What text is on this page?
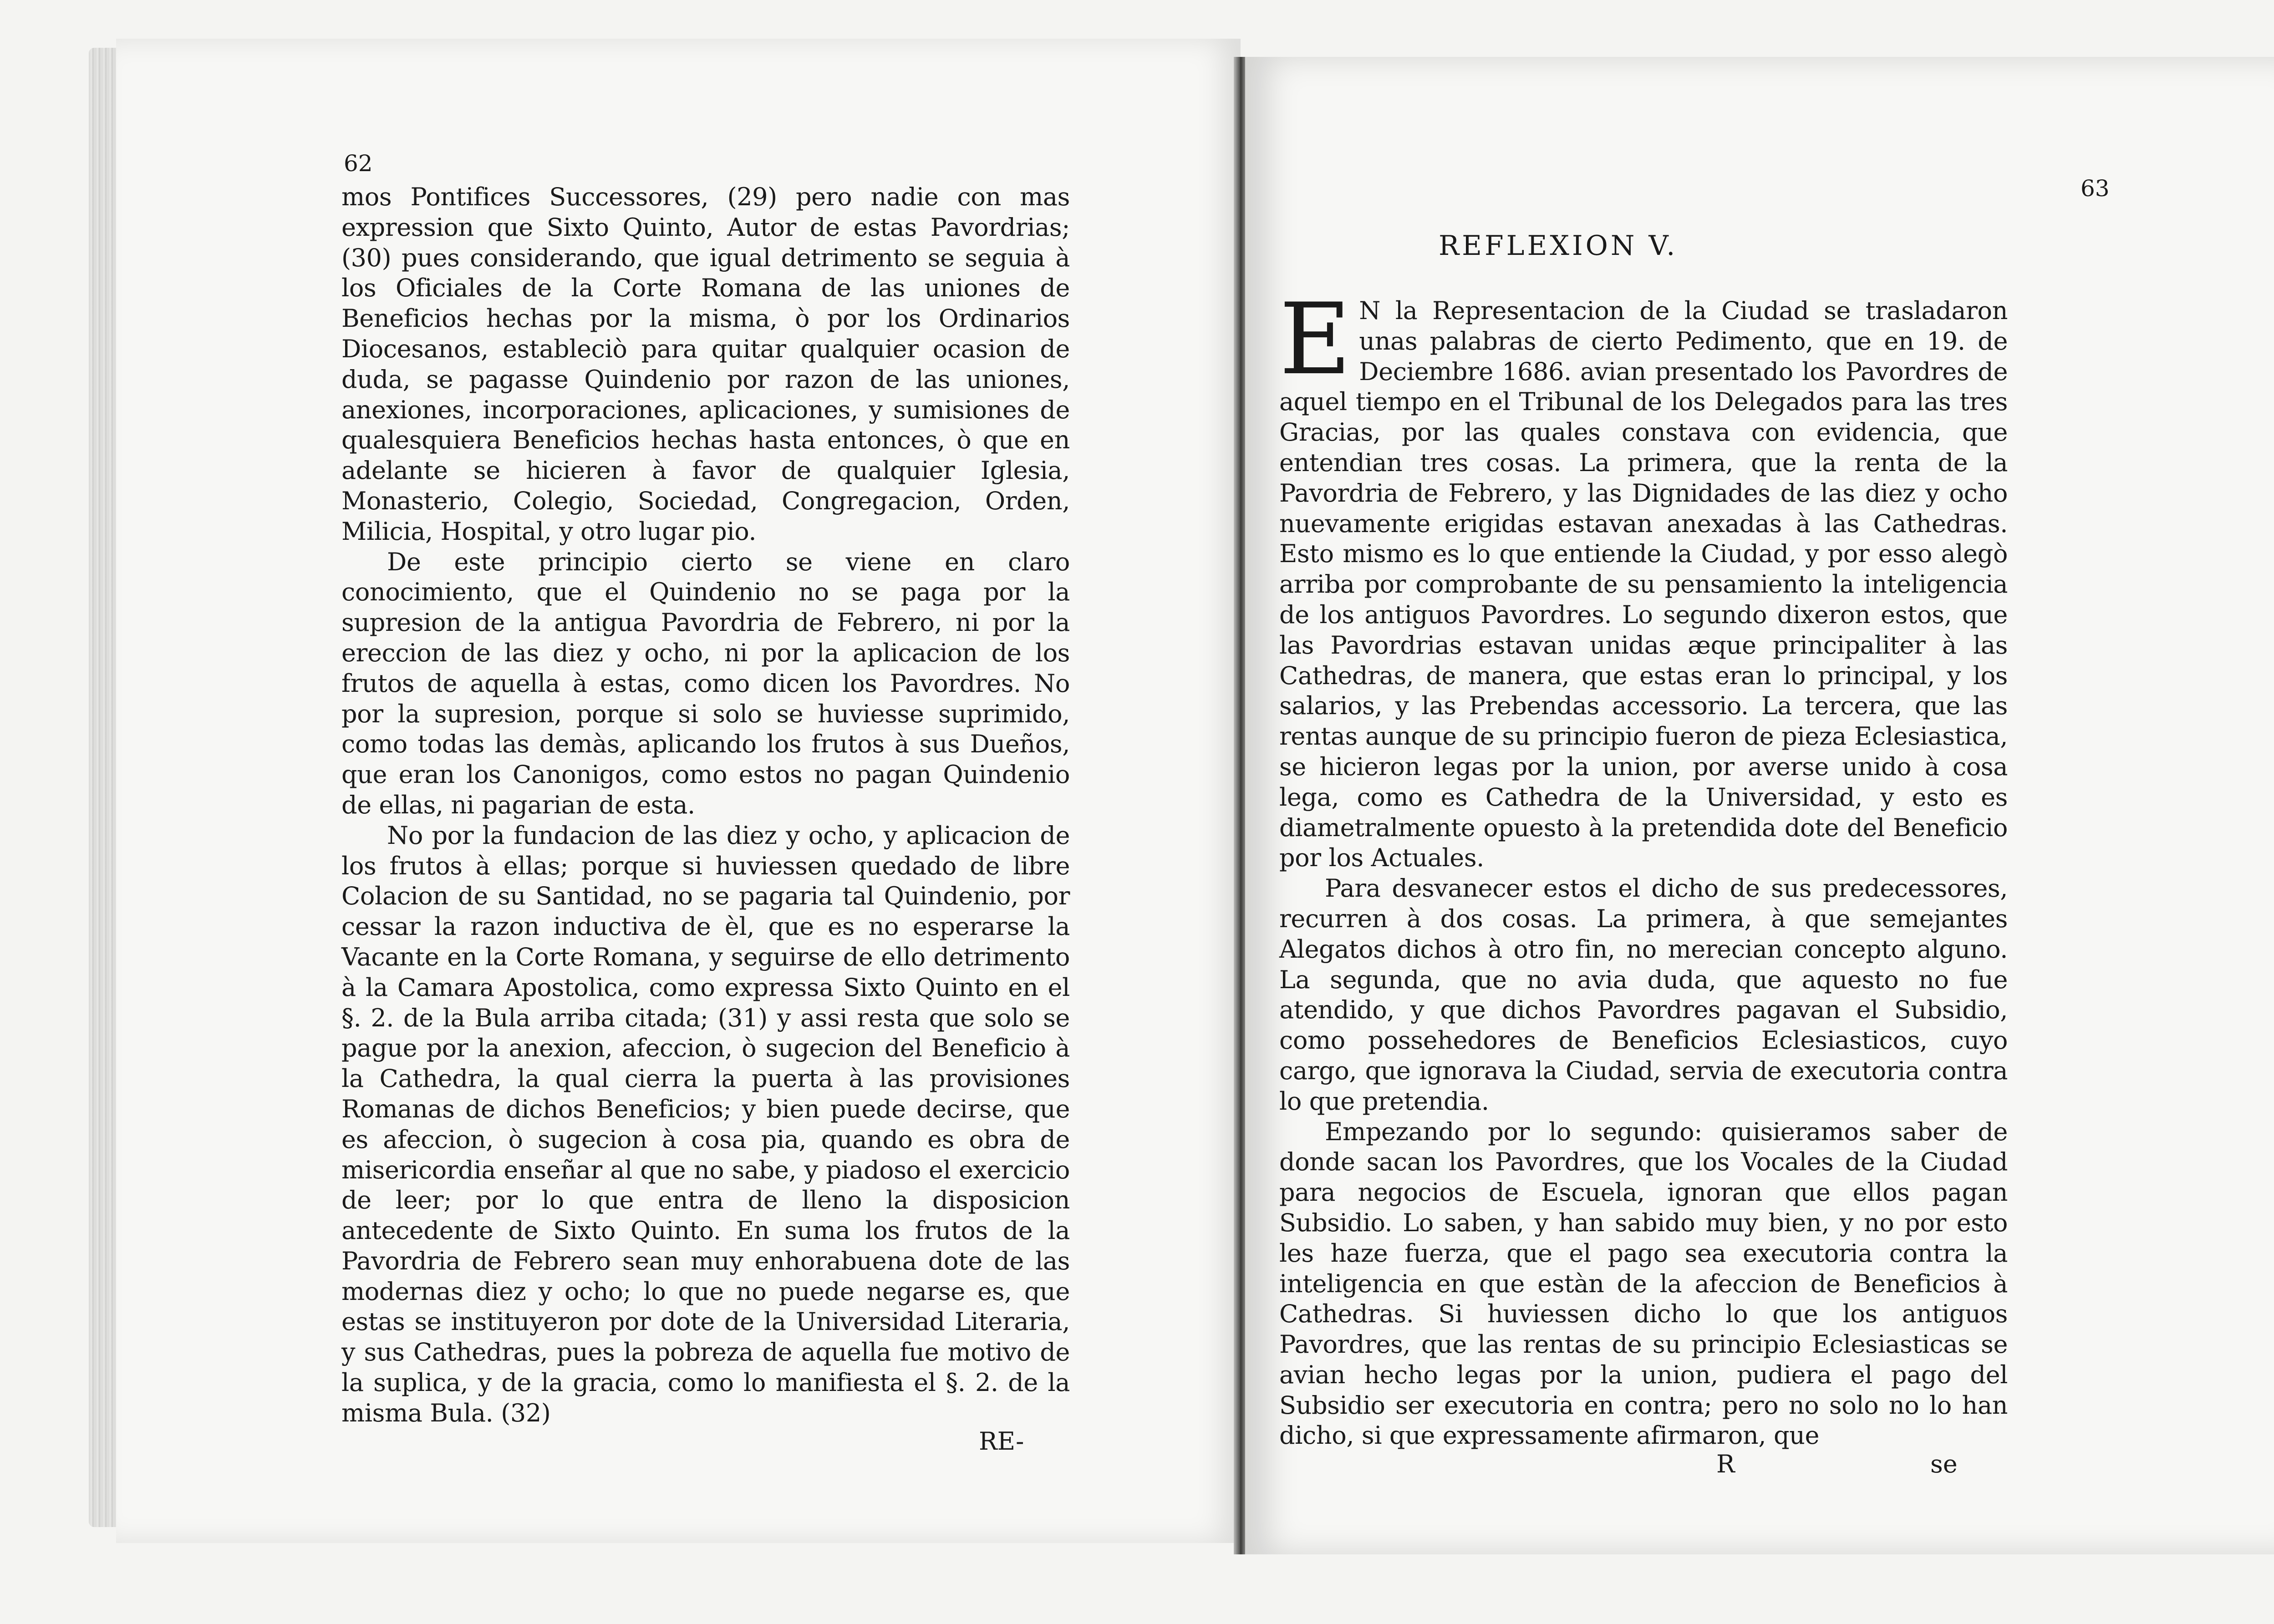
62

mos Pontifices Successores, (29) pero nadie con mas expression que Sixto Quinto, Autor de estas Pavordrias; (30) pues considerando, que igual detrimento se seguia à los Oficiales de la Corte Romana de las uniones de Beneficios hechas por la misma, ò por los Ordinarios Diocesanos, estableciò para quitar qualquier ocasion de duda, se pagasse Quindenio por razon de las uniones, anexiones, incorporaciones, aplicaciones, y sumisiones de qualesquiera Beneficios hechas hasta entonces, ò que en adelante se hicieren à favor de qualquier Iglesia, Monasterio, Colegio, Sociedad, Congregacion, Orden, Milicia, Hospital, y otro lugar pio.

De este principio cierto se viene en claro conocimiento, que el Quindenio no se paga por la supresion de la antigua Pavordria de Febrero, ni por la ereccion de las diez y ocho, ni por la aplicacion de los frutos de aquella à estas, como dicen los Pavordres. No por la supresion, porque si solo se huviesse suprimido, como todas las demàs, aplicando los frutos à sus Dueños, que eran los Canonigos, como estos no pagan Quindenio de ellas, ni pagarian de esta.

No por la fundacion de las diez y ocho, y aplicacion de los frutos à ellas; porque si huviessen quedado de libre Colacion de su Santidad, no se pagaria tal Quindenio, por cessar la razon inductiva de èl, que es no esperarse la Vacante en la Corte Romana, y seguirse de ello detrimento à la Camara Apostolica, como expressa Sixto Quinto en el §. 2. de la Bula arriba citada; (31) y assi resta que solo se pague por la anexion, afeccion, ò sugecion del Beneficio à la Cathedra, la qual cierra la puerta à las provisiones Romanas de dichos Beneficios; y bien puede decirse, que es afeccion, ò sugecion à cosa pia, quando es obra de misericordia enseñar al que no sabe, y piadoso el exercicio de leer; por lo que entra de lleno la disposicion antecedente de Sixto Quinto. En suma los frutos de la Pavordria de Febrero sean muy enhorabuena dote de las modernas diez y ocho; lo que no puede negarse es, que estas se instituyeron por dote de la Universidad Literaria, y sus Cathedras, pues la pobreza de aquella fue motivo de la suplica, y de la gracia, como lo manifiesta el §. 2. de la misma Bula. (32)

RE-
63
REFLEXION V.

E N la Representacion de la Ciudad se trasladaron unas palabras de cierto Pedimento, que en 19. de Deciembre 1686. avian presentado los Pavordres de aquel tiempo en el Tribunal de los Delegados para las tres Gracias, por las quales constava con evidencia, que entendian tres cosas. La primera, que la renta de la Pavordria de Febrero, y las Dignidades de las diez y ocho nuevamente erigidas estavan anexadas à las Cathedras. Esto mismo es lo que entiende la Ciudad, y por esso alegò arriba por comprobante de su pensamiento la inteligencia de los antiguos Pavordres. Lo segundo dixeron estos, que las Pavordrias estavan unidas æque principaliter à las Cathedras, de manera, que estas eran lo principal, y los salarios, y las Prebendas accessorio. La tercera, que las rentas aunque de su principio fueron de pieza Eclesiastica, se hicieron legas por la union, por averse unido à cosa lega, como es Cathedra de la Universidad, y esto es diametralmente opuesto à la pretendida dote del Beneficio por los Actuales.

Para desvanecer estos el dicho de sus predecessores, recurren à dos cosas. La primera, à que semejantes Alegatos dichos à otro fin, no merecian concepto alguno. La segunda, que no avia duda, que aquesto no fue atendido, y que dichos Pavordres pagavan el Subsidio, como possehedores de Beneficios Eclesiasticos, cuyo cargo, que ignorava la Ciudad, servia de executoria contra lo que pretendia.

Empezando por lo segundo: quisieramos saber de donde sacan los Pavordres, que los Vocales de la Ciudad para negocios de Escuela, ignoran que ellos pagan Subsidio. Lo saben, y han sabido muy bien, y no por esto les haze fuerza, que el pago sea executoria contra la inteligencia en que estàn de la afeccion de Beneficios à Cathedras. Si huviessen dicho lo que los antiguos Pavordres, que las rentas de su principio Eclesiasticas se avian hecho legas por la union, pudiera el pago del Subsidio ser executoria en contra; pero no solo no lo han dicho, si que expressamente afirmaron, que

R	se
